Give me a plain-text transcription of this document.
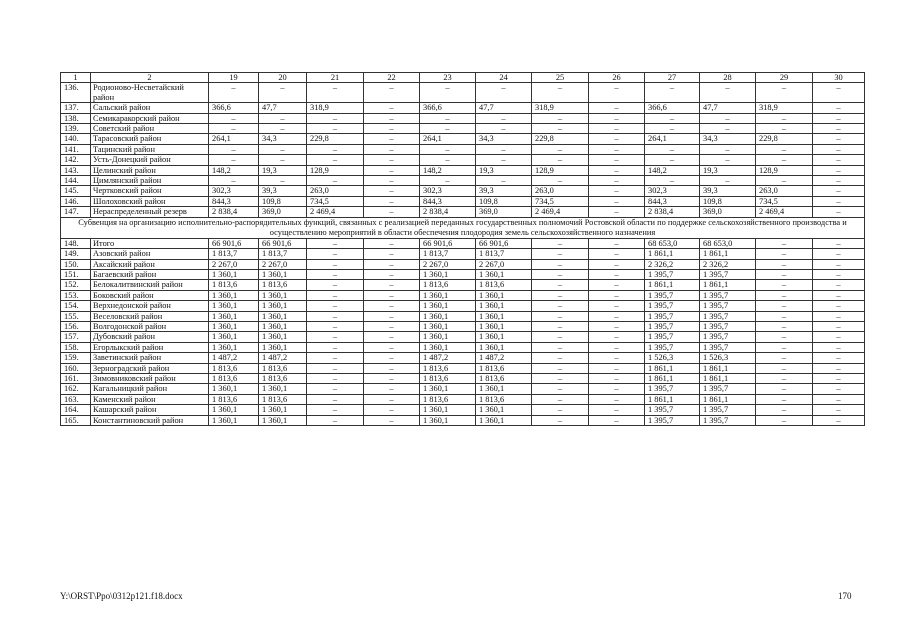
1	2	19	20	21	22	23	24	25	26	27	28	29	30
136.	Родионово-Несветайский район	–	–	–	–	–	–	–	–	–	–	–	–
137.	Сальский район	366,6	47,7	318,9	–	366,6	47,7	318,9	–	366,6	47,7	318,9	–
138.	Семикаракорский район	–	–	–	–	–	–	–	–	–	–	–	–
139.	Советский район	–	–	–	–	–	–	–	–	–	–	–	–
140.	Тарасовский район	264,1	34,3	229,8	–	264,1	34,3	229,8	–	264,1	34,3	229,8	–
141.	Тацинский район	–	–	–	–	–	–	–	–	–	–	–	–
142.	Усть-Донецкий район	–	–	–	–	–	–	–	–	–	–	–	–
143.	Целинский район	148,2	19,3	128,9	–	148,2	19,3	128,9	–	148,2	19,3	128,9	–
144.	Цимлянский район	–	–	–	–	–	–	–	–	–	–	–	–
145.	Чертковский район	302,3	39,3	263,0	–	302,3	39,3	263,0	–	302,3	39,3	263,0	–
146.	Шолоховский район	844,3	109,8	734,5	–	844,3	109,8	734,5	–	844,3	109,8	734,5	–
147.	Нераспределенный резерв	2 838,4	369,0	2 469,4	–	2 838,4	369,0	2 469,4	–	2 838,4	369,0	2 469,4	–
Субвенция на организацию исполнительно-распорядительных функций, связанных с реализацией переданных государственных полномочий Ростовской области по поддержке сельскохозяйственного производства и осуществлению мероприятий в области обеспечения плодородия земель сельскохозяйственного назначения													
148.	Итого	66 901,6	66 901,6	–	–	66 901,6	66 901,6	–	–	68 653,0	68 653,0	–	–
149.	Азовский район	1 813,7	1 813,7	–	–	1 813,7	1 813,7	–	–	1 861,1	1 861,1	–	–
150.	Аксайский район	2 267,0	2 267,0	–	–	2 267,0	2 267,0	–	–	2 326,2	2 326,2	–	–
151.	Багаевский район	1 360,1	1 360,1	–	–	1 360,1	1 360,1	–	–	1 395,7	1 395,7	–	–
152.	Белокалитвинский район	1 813,6	1 813,6	–	–	1 813,6	1 813,6	–	–	1 861,1	1 861,1	–	–
153.	Боковский район	1 360,1	1 360,1	–	–	1 360,1	1 360,1	–	–	1 395,7	1 395,7	–	–
154.	Верхнедонской район	1 360,1	1 360,1	–	–	1 360,1	1 360,1	–	–	1 395,7	1 395,7	–	–
155.	Веселовский район	1 360,1	1 360,1	–	–	1 360,1	1 360,1	–	–	1 395,7	1 395,7	–	–
156.	Волгодонской район	1 360,1	1 360,1	–	–	1 360,1	1 360,1	–	–	1 395,7	1 395,7	–	–
157.	Дубовский район	1 360,1	1 360,1	–	–	1 360,1	1 360,1	–	–	1 395,7	1 395,7	–	–
158.	Егорлыкский район	1 360,1	1 360,1	–	–	1 360,1	1 360,1	–	–	1 395,7	1 395,7	–	–
159.	Заветинский район	1 487,2	1 487,2	–	–	1 487,2	1 487,2	–	–	1 526,3	1 526,3	–	–
160.	Зерноградский район	1 813,6	1 813,6	–	–	1 813,6	1 813,6	–	–	1 861,1	1 861,1	–	–
161.	Зимовниковский район	1 813,6	1 813,6	–	–	1 813,6	1 813,6	–	–	1 861,1	1 861,1	–	–
162.	Кагальницкий район	1 360,1	1 360,1	–	–	1 360,1	1 360,1	–	–	1 395,7	1 395,7	–	–
163.	Каменский район	1 813,6	1 813,6	–	–	1 813,6	1 813,6	–	–	1 861,1	1 861,1	–	–
164.	Кашарский район	1 360,1	1 360,1	–	–	1 360,1	1 360,1	–	–	1 395,7	1 395,7	–	–
165.	Константиновский район	1 360,1	1 360,1	–	–	1 360,1	1 360,1	–	–	1 395,7	1 395,7	–	–
Y:\ORST\Ppo\0312p121.f18.docx	170
